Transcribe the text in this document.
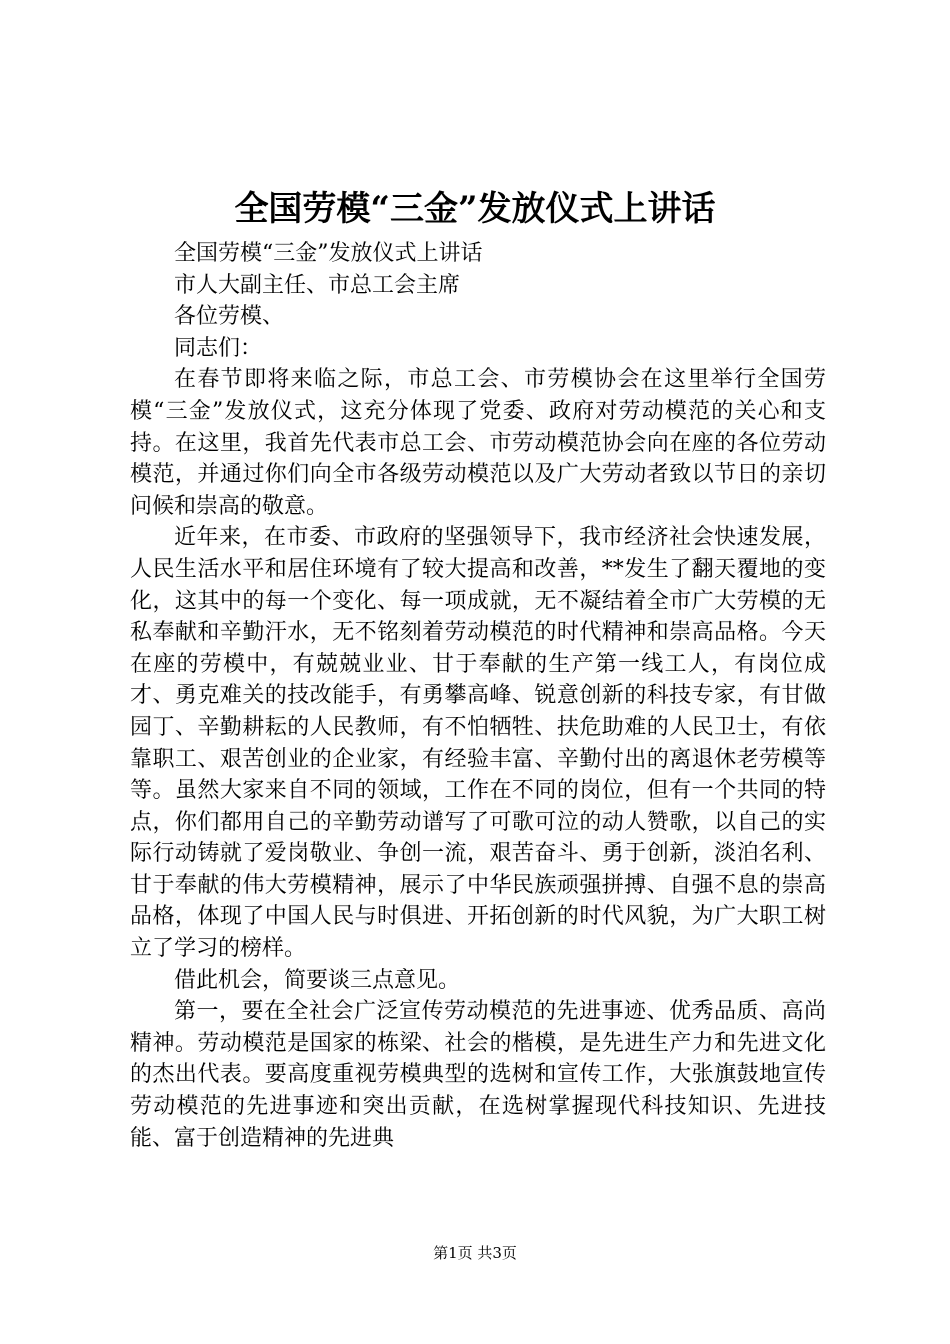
全国劳模“三金”发放仪式上讲话

全国劳模“三金”发放仪式上讲话

市人大副主任、市总工会主席

各位劳模、

同志们：

在春节即将来临之际，市总工会、市劳模协会在这里举行全国劳模“三金”发放仪式，这充分体现了党委、政府对劳动模范的关心和支持。在这里，我首先代表市总工会、市劳动模范协会向在座的各位劳动模范，并通过你们向全市各级劳动模范以及广大劳动者致以节日的亲切问候和崇高的敬意。

近年来，在市委、市政府的坚强领导下，我市经济社会快速发展，人民生活水平和居住环境有了较大提高和改善，**发生了翻天覆地的变化，这其中的每一个变化、每一项成就，无不凝结着全市广大劳模的无私奉献和辛勤汗水，无不铭刻着劳动模范的时代精神和崇高品格。今天在座的劳模中，有兢兢业业、甘于奉献的生产第一线工人，有岗位成才、勇克难关的技改能手，有勇攀高峰、锐意创新的科技专家，有甘做园丁、辛勤耕耘的人民教师，有不怕牺牲、扶危助难的人民卫士，有依靠职工、艰苦创业的企业家，有经验丰富、辛勤付出的离退休老劳模等等。虽然大家来自不同的领域，工作在不同的岗位，但有一个共同的特点，你们都用自己的辛勤劳动谱写了可歌可泣的动人赞歌，以自己的实际行动铸就了爱岗敬业、争创一流，艰苦奋斗、勇于创新，淡泊名利、甘于奉献的伟大劳模精神，展示了中华民族顽强拼搏、自强不息的崇高品格，体现了中国人民与时俱进、开拓创新的时代风貌，为广大职工树立了学习的榜样。

借此机会，简要谈三点意见。

第一，要在全社会广泛宣传劳动模范的先进事迹、优秀品质、高尚精神。劳动模范是国家的栋梁、社会的楷模，是先进生产力和先进文化的杰出代表。要高度重视劳模典型的选树和宣传工作，大张旗鼓地宣传劳动模范的先进事迹和突出贡献，在选树掌握现代科技知识、先进技能、富于创造精神的先进典

第1页 共3页
